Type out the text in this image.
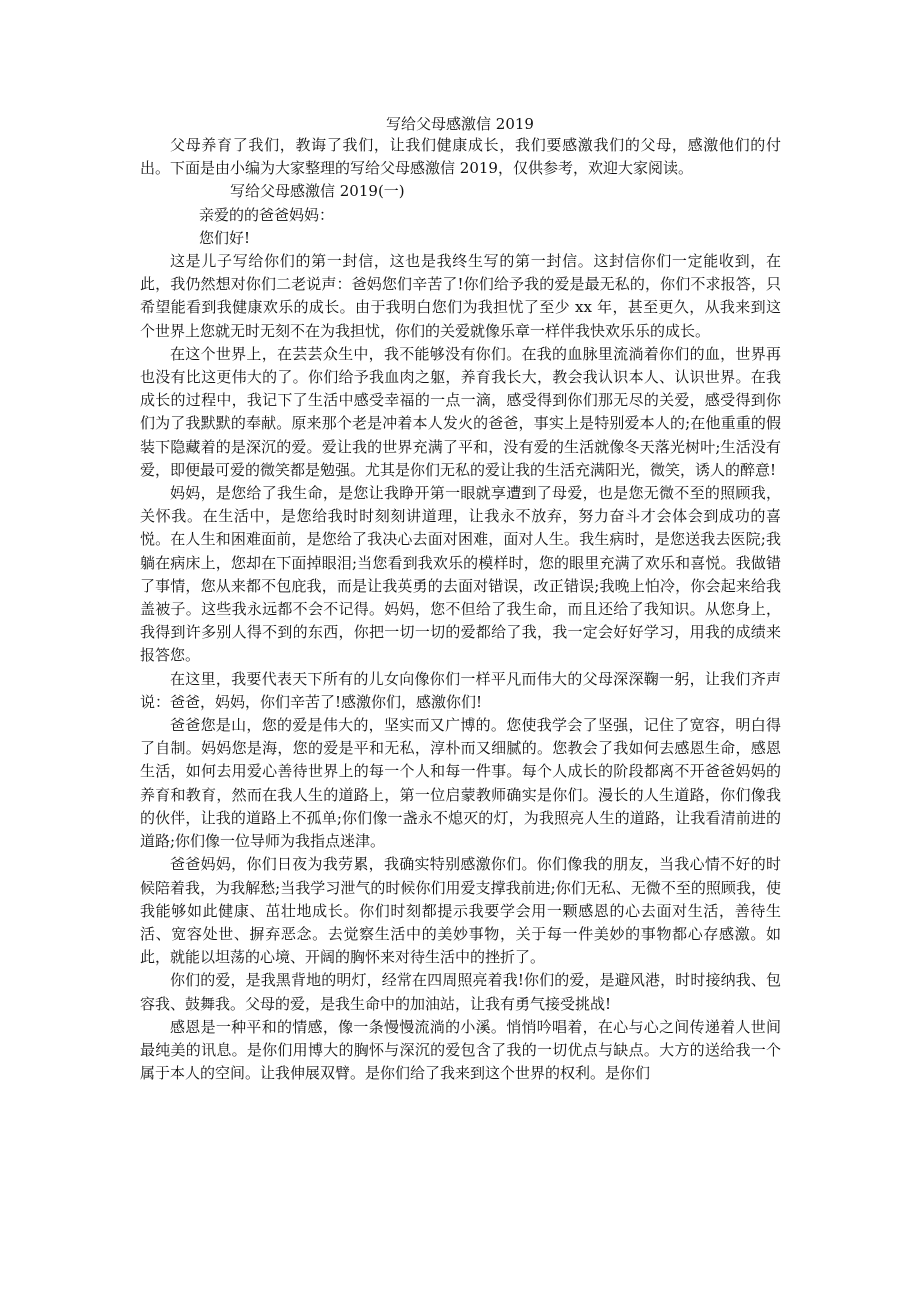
写给父母感激信 2019

父母养育了我们，教诲了我们，让我们健康成长，我们要感激我们的父母，感激他们的付出。下面是由小编为大家整理的写给父母感激信 2019，仅供参考，欢迎大家阅读。

写给父母感激信 2019(一)

亲爱的的爸爸妈妈：

您们好!

这是儿子写给你们的第一封信，这也是我终生写的第一封信。这封信你们一定能收到，在此，我仍然想对你们二老说声：爸妈您们辛苦了!你们给予我的爱是最无私的，你们不求报答，只希望能看到我健康欢乐的成长。由于我明白您们为我担忧了至少 xx 年，甚至更久，从我来到这个世界上您就无时无刻不在为我担忧，你们的关爱就像乐章一样伴我快欢乐乐的成长。

在这个世界上，在芸芸众生中，我不能够没有你们。在我的血脉里流淌着你们的血，世界再也没有比这更伟大的了。你们给予我血肉之躯，养育我长大，教会我认识本人、认识世界。在我成长的过程中，我记下了生活中感受幸福的一点一滴，感受得到你们那无尽的关爱，感受得到你们为了我默默的奉献。原来那个老是冲着本人发火的爸爸，事实上是特别爱本人的;在他重重的假装下隐藏着的是深沉的爱。爱让我的世界充满了平和，没有爱的生活就像冬天落光树叶;生活没有爱，即便最可爱的微笑都是勉强。尤其是你们无私的爱让我的生活充满阳光，微笑，诱人的醉意!

妈妈，是您给了我生命，是您让我睁开第一眼就享遭到了母爱，也是您无微不至的照顾我，关怀我。在生活中，是您给我时时刻刻讲道理，让我永不放弃，努力奋斗才会体会到成功的喜悦。在人生和困难面前，是您给了我决心去面对困难，面对人生。我生病时，是您送我去医院;我躺在病床上，您却在下面掉眼泪;当您看到我欢乐的模样时，您的眼里充满了欢乐和喜悦。我做错了事情，您从来都不包庇我，而是让我英勇的去面对错误，改正错误;我晚上怕冷，你会起来给我盖被子。这些我永远都不会不记得。妈妈，您不但给了我生命，而且还给了我知识。从您身上，我得到许多别人得不到的东西，你把一切一切的爱都给了我，我一定会好好学习，用我的成绩来报答您。

在这里，我要代表天下所有的儿女向像你们一样平凡而伟大的父母深深鞠一躬，让我们齐声说：爸爸，妈妈，你们辛苦了!感激你们，感激你们!

爸爸您是山，您的爱是伟大的，坚实而又广博的。您使我学会了坚强，记住了宽容，明白得了自制。妈妈您是海，您的爱是平和无私，淳朴而又细腻的。您教会了我如何去感恩生命，感恩生活，如何去用爱心善待世界上的每一个人和每一件事。每个人成长的阶段都离不开爸爸妈妈的养育和教育，然而在我人生的道路上，第一位启蒙教师确实是你们。漫长的人生道路，你们像我的伙伴，让我的道路上不孤单;你们像一盏永不熄灭的灯，为我照亮人生的道路，让我看清前进的道路;你们像一位导师为我指点迷津。

爸爸妈妈，你们日夜为我劳累，我确实特别感激你们。你们像我的朋友，当我心情不好的时候陪着我，为我解愁;当我学习泄气的时候你们用爱支撑我前进;你们无私、无微不至的照顾我，使我能够如此健康、茁壮地成长。你们时刻都提示我要学会用一颗感恩的心去面对生活，善待生活、宽容处世、摒弃恶念。去觉察生活中的美妙事物，关于每一件美妙的事物都心存感激。如此，就能以坦荡的心境、开阔的胸怀来对待生活中的挫折了。

你们的爱，是我黑背地的明灯，经常在四周照亮着我!你们的爱，是避风港，时时接纳我、包容我、鼓舞我。父母的爱，是我生命中的加油站，让我有勇气接受挑战!

感恩是一种平和的情感，像一条慢慢流淌的小溪。悄悄吟唱着，在心与心之间传递着人世间最纯美的讯息。是你们用博大的胸怀与深沉的爱包含了我的一切优点与缺点。大方的送给我一个属于本人的空间。让我伸展双臂。是你们给了我来到这个世界的权利。是你们
